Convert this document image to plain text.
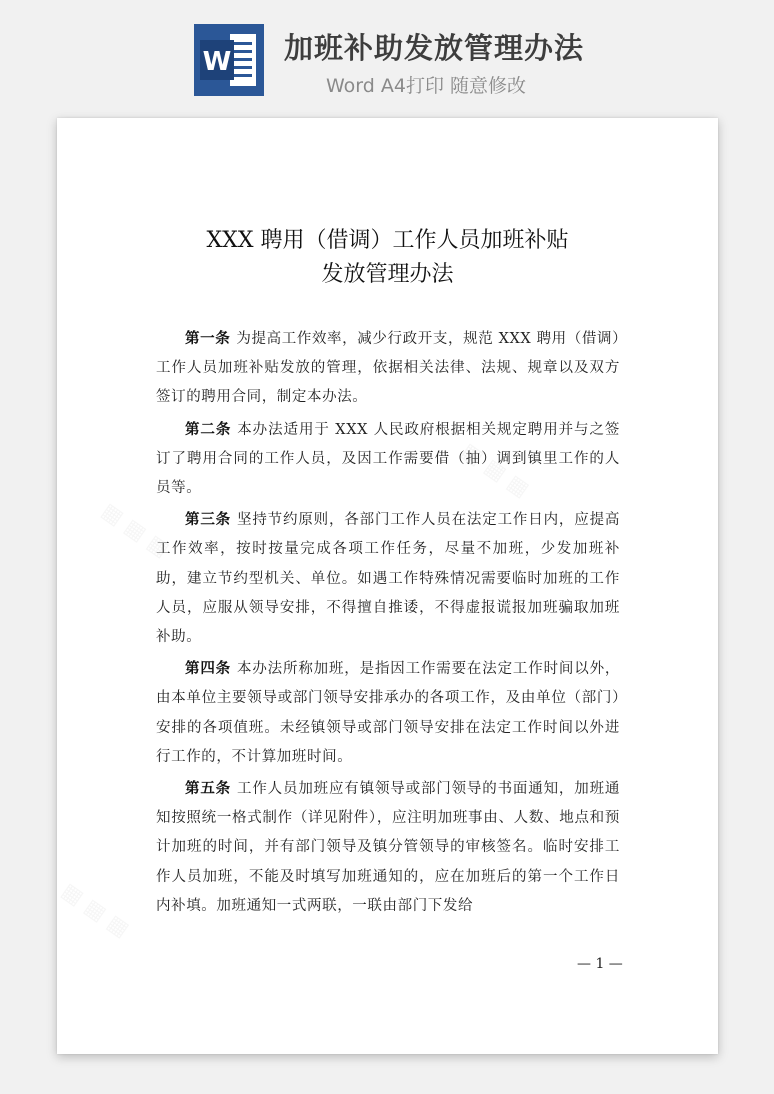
W 加班补助发放管理办法
Word A4打印 随意修改
XXX 聘用（借调）工作人员加班补贴
发放管理办法

第一条 为提高工作效率，减少行政开支，规范 XXX 聘用（借调）工作人员加班补贴发放的管理，依据相关法律、法规、规章以及双方签订的聘用合同，制定本办法。

第二条 本办法适用于 XXX 人民政府根据相关规定聘用并与之签订了聘用合同的工作人员，及因工作需要借（抽）调到镇里工作的人员等。

第三条 坚持节约原则，各部门工作人员在法定工作日内，应提高工作效率，按时按量完成各项工作任务，尽量不加班，少发加班补助，建立节约型机关、单位。如遇工作特殊情况需要临时加班的工作人员，应服从领导安排，不得擅自推诿，不得虚报谎报加班骗取加班补助。

第四条 本办法所称加班，是指因工作需要在法定工作时间以外，由本单位主要领导或部门领导安排承办的各项工作，及由单位（部门）安排的各项值班。未经镇领导或部门领导安排在法定工作时间以外进行工作的，不计算加班时间。

第五条 工作人员加班应有镇领导或部门领导的书面通知，加班通知按照统一格式制作（详见附件），应注明加班事由、人数、地点和预计加班的时间，并有部门领导及镇分管领导的审核签名。临时安排工作人员加班，不能及时填写加班通知的，应在加班后的第一个工作日内补填。加班通知一式两联，一联由部门下发给

— 1 —
